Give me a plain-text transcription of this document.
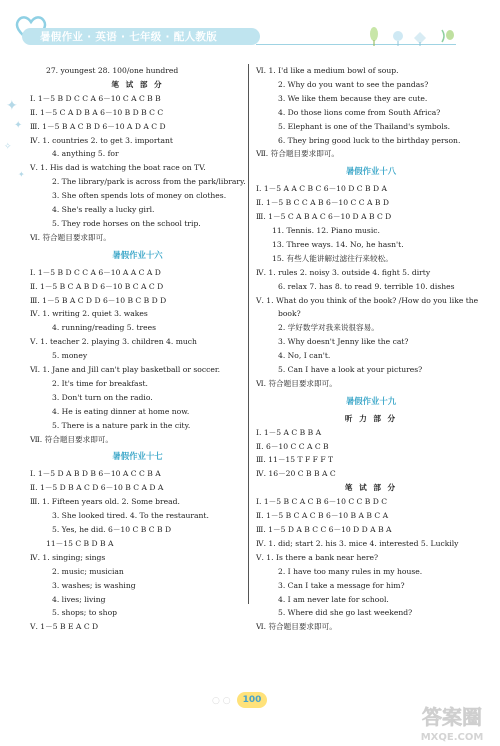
暑假作业 · 英语 · 七年级 · 配人教版
✦
✦
✧
✦
27. youngest 28. 100/one hundred
笔 试 部 分
Ⅰ. 1－5 B D C C A 6－10 C A C B B
Ⅱ. 1－5 C A D B A 6－10 B D B C C
Ⅲ. 1－5 B A C B D 6－10 A D A C D
Ⅳ. 1. countries 2. to get 3. important
4. anything 5. for
Ⅴ. 1. His dad is watching the boat race on TV.
2. The library/park is across from the park/library.
3. She often spends lots of money on clothes.
4. She's really a lucky girl.
5. They rode horses on the school trip.
Ⅵ. 符合题目要求即可。
暑假作业十六
Ⅰ. 1－5 B D C C A 6－10 A A C A D
Ⅱ. 1－5 B C A B D 6－10 B C A C D
Ⅲ. 1－5 B A C D D 6－10 B C B D D
Ⅳ. 1. writing 2. quiet 3. wakes
4. running/reading 5. trees
Ⅴ. 1. teacher 2. playing 3. children 4. much
5. money
Ⅵ. 1. Jane and Jill can't play basketball or soccer.
2. It's time for breakfast.
3. Don't turn on the radio.
4. He is eating dinner at home now.
5. There is a nature park in the city.
Ⅶ. 符合题目要求即可。
暑假作业十七
Ⅰ. 1－5 D A B D B 6－10 A C C B A
Ⅱ. 1－5 D B A C D 6－10 B C A D A
Ⅲ. 1. Fifteen years old. 2. Some bread.
3. She looked tired. 4. To the restaurant.
5. Yes, he did. 6－10 C B C B D
11－15 C B D B A
Ⅳ. 1. singing; sings
2. music; musician
3. washes; is washing
4. lives; living
5. shops; to shop
Ⅴ. 1－5 B E A C D
Ⅵ. 1. I'd like a medium bowl of soup.
2. Why do you want to see the pandas?
3. We like them because they are cute.
4. Do those lions come from South Africa?
5. Elephant is one of the Thailand's symbols.
6. They bring good luck to the birthday person.
Ⅶ. 符合题目要求即可。
暑假作业十八
Ⅰ. 1－5 A A C B C 6－10 D C B D A
Ⅱ. 1－5 B C C A B 6－10 C C A B D
Ⅲ. 1－5 C A B A C 6－10 D A B C D
11. Tennis. 12. Piano music.
13. Three ways. 14. No, he hasn't.
15. 有些人能讲解过滤往行来较松。
Ⅳ. 1. rules 2. noisy 3. outside 4. fight 5. dirty
6. relax 7. has 8. to read 9. terrible 10. dishes
Ⅴ. 1. What do you think of the book? /How do you like the
book?
2. 学好数学对我来说很容易。
3. Why doesn't Jenny like the cat?
4. No, I can't.
5. Can I have a look at your pictures?
Ⅵ. 符合题目要求即可。
暑假作业十九
听 力 部 分
Ⅰ. 1－5 A C B B A
Ⅱ. 6－10 C C A C B
Ⅲ. 11－15 T F F F T
Ⅳ. 16－20 C B B A C
笔 试 部 分
Ⅰ. 1－5 B C A C B 6－10 C C B D C
Ⅱ. 1－5 B C A C B 6－10 B A B C A
Ⅲ. 1－5 D A B C C 6－10 D D A B A
Ⅳ. 1. did; start 2. his 3. mice 4. interested 5. Luckily
Ⅴ. 1. Is there a bank near here?
2. I have too many rules in my house.
3. Can I take a message for him?
4. I am never late for school.
5. Where did she go last weekend?
Ⅵ. 符合题目要求即可。
○ ○	100
答案圈
MXQE.COM
